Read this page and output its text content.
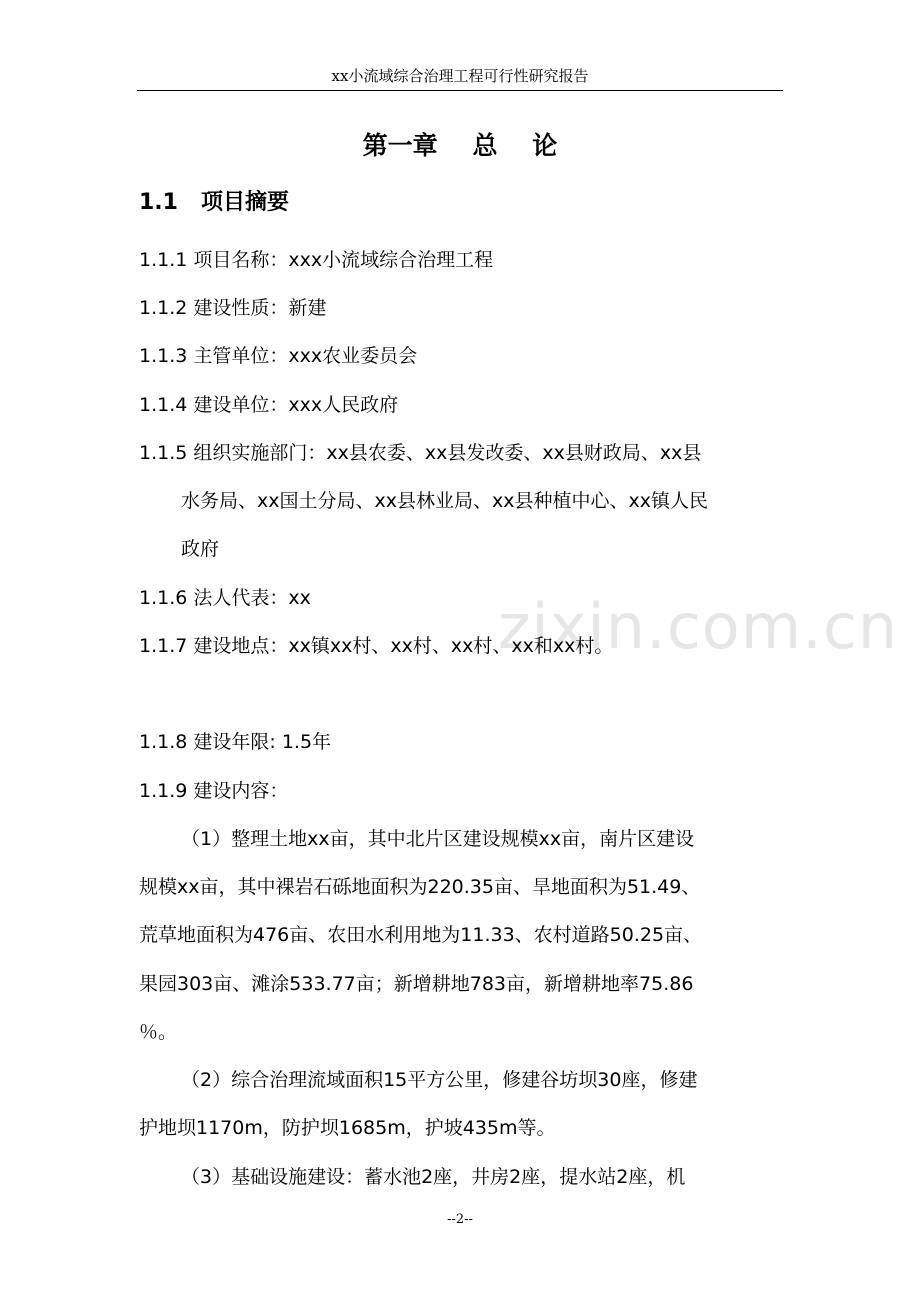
xx小流域综合治理工程可行性研究报告
第一章    总    论
1.1   项目摘要
zixin.com.cn
1.1.1 项目名称：xxx小流域综合治理工程
1.1.2 建设性质：新建
1.1.3 主管单位：xxx农业委员会
1.1.4 建设单位：xxx人民政府
1.1.5 组织实施部门：xx县农委、xx县发改委、xx县财政局、xx县
水务局、xx国土分局、xx县林业局、xx县种植中心、xx镇人民
政府
1.1.6 法人代表：xx
1.1.7 建设地点：xx镇xx村、xx村、xx村、xx和xx村。
1.1.8 建设年限: 1.5年
1.1.9 建设内容：
（1）整理土地xx亩，其中北片区建设规模xx亩，南片区建设
规模xx亩，其中裸岩石砾地面积为220.35亩、旱地面积为51.49、
荒草地面积为476亩、农田水利用地为11.33、农村道路50.25亩、
果园303亩、滩涂533.77亩；新增耕地783亩，新增耕地率75.86
％。
（2）综合治理流域面积15平方公里，修建谷坊坝30座，修建
护地坝1170m，防护坝1685m，护坡435m等。
（3）基础设施建设：蓄水池2座，井房2座，提水站2座，机
--2--
